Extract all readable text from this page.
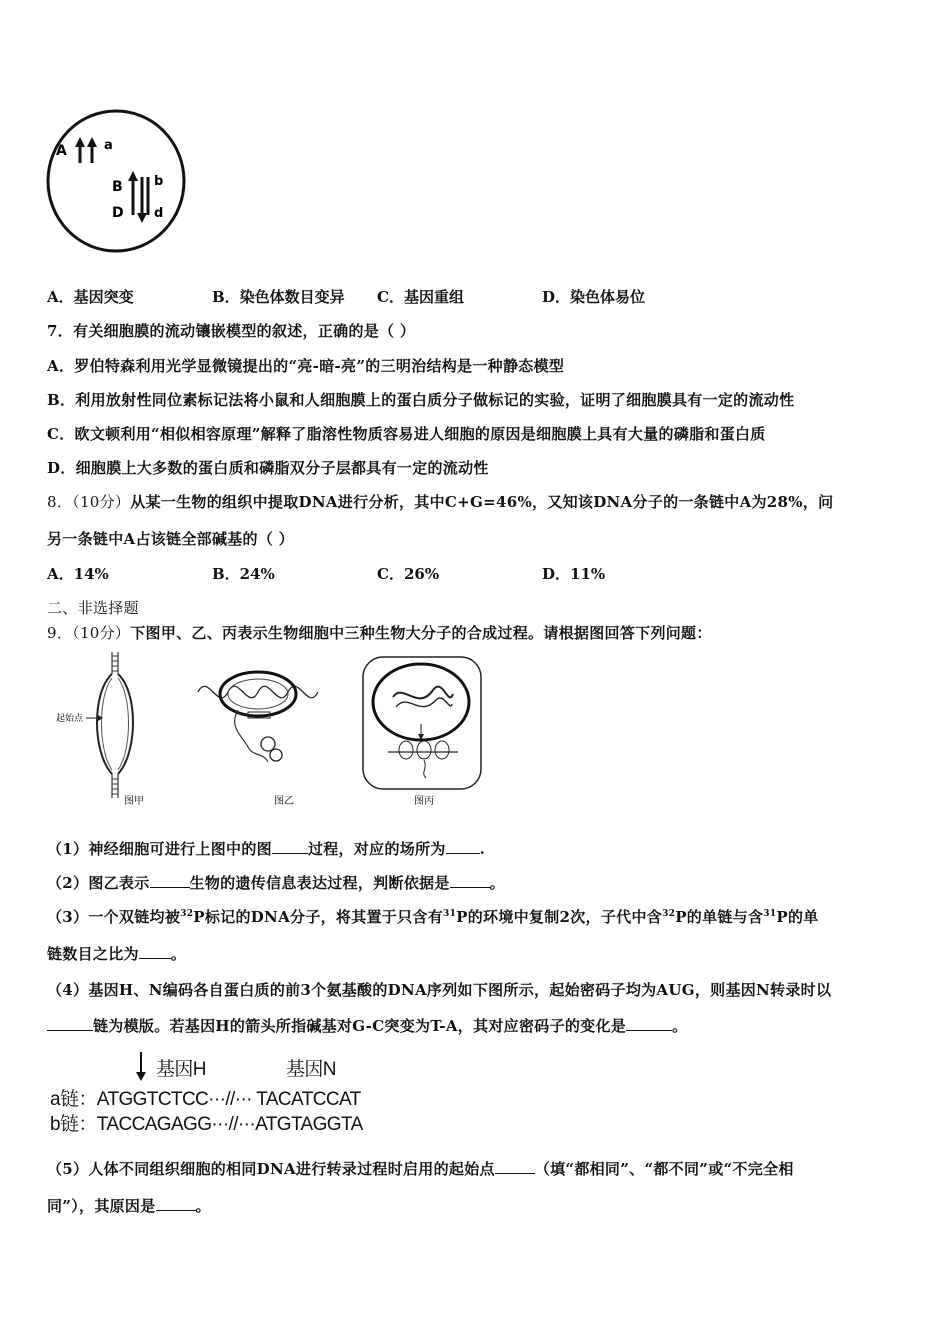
A	a
B
D
b
d
A．基因突变	B．染色体数目变异 C．基因重组	D．染色体易位
7．有关细胞膜的流动镶嵌模型的叙述，正确的是（ ）
A．罗伯特森利用光学显微镜提出的“亮-暗-亮”的三明治结构是一种静态模型
B．利用放射性同位素标记法将小鼠和人细胞膜上的蛋白质分子做标记的实验，证明了细胞膜具有一定的流动性
C．欧文顿利用“相似相容原理”解释了脂溶性物质容易进人细胞的原因是细胞膜上具有大量的磷脂和蛋白质
D．细胞膜上大多数的蛋白质和磷脂双分子层都具有一定的流动性
8．（10分）从某一生物的组织中提取DNA进行分析，其中C+G=46%，又知该DNA分子的一条链中A为28%，问
另一条链中A占该链全部碱基的（ ）
A．14%	B．24%	C．26%	D．11%
二、非选择题
9．（10分）下图甲、乙、丙表示生物细胞中三种生物大分子的合成过程。请根据图回答下列问题：
起始点
图甲	图乙	图丙
（1）神经细胞可进行上图中的图 过程，对应的场所为 .
（2）图乙表示	生物的遗传信息表达过程，判断依据是	。
（3）一个双链均被$^{32}$P标记的DNA分子，将其置于只含有$^{31}$P的环境中复制2次，子代中含$^{32}$P的单链与含$^{31}$P的单
链数目之比为 。
（4）基因H、N编码各自蛋白质的前3个氨基酸的DNA序列如下图所示，起始密码子均为AUG，则基因N转录时以
链为模版。若基因H的箭头所指碱基对G-C突变为T-A，其对应密码子的变化是	。
基因H	基因N
a链：ATGGTCTCC···//··· TACATCCAT
b链：TACCAGAGG···//···ATGTAGGTA
（5）人体不同组织细胞的相同DNA进行转录过程时启用的起始点	（填“都相同”、“都不同”或“不完全相
同”），其原因是	。
